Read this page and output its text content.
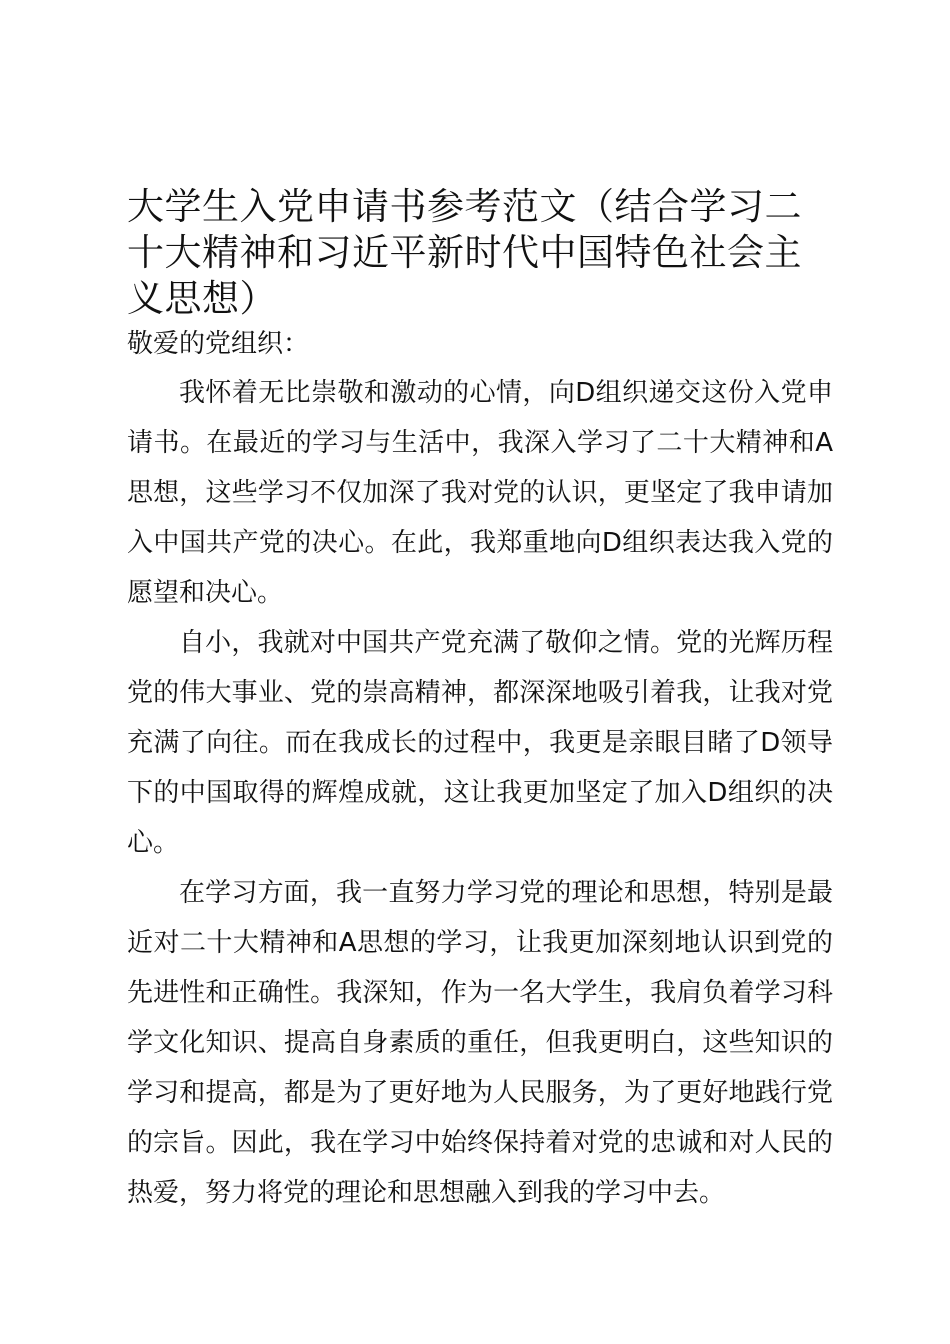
大学生入党申请书参考范文（结合学习二十大精神和习近平新时代中国特色社会主义思想）

敬爱的党组织：

我怀着无比崇敬和激动的心情，向D组织递交这份入党申请书。在最近的学习与生活中，我深入学习了二十大精神和A思想，这些学习不仅加深了我对党的认识，更坚定了我申请加入中国共产党的决心。在此，我郑重地向D组织表达我入党的愿望和决心。

自小，我就对中国共产党充满了敬仰之情。党的光辉历程党的伟大事业、党的崇高精神，都深深地吸引着我，让我对党充满了向往。而在我成长的过程中，我更是亲眼目睹了D领导下的中国取得的辉煌成就，这让我更加坚定了加入D组织的决心。

在学习方面，我一直努力学习党的理论和思想，特别是最近对二十大精神和A思想的学习，让我更加深刻地认识到党的先进性和正确性。我深知，作为一名大学生，我肩负着学习科学文化知识、提高自身素质的重任，但我更明白，这些知识的学习和提高，都是为了更好地为人民服务，为了更好地践行党的宗旨。因此，我在学习中始终保持着对党的忠诚和对人民的热爱，努力将党的理论和思想融入到我的学习中去。
